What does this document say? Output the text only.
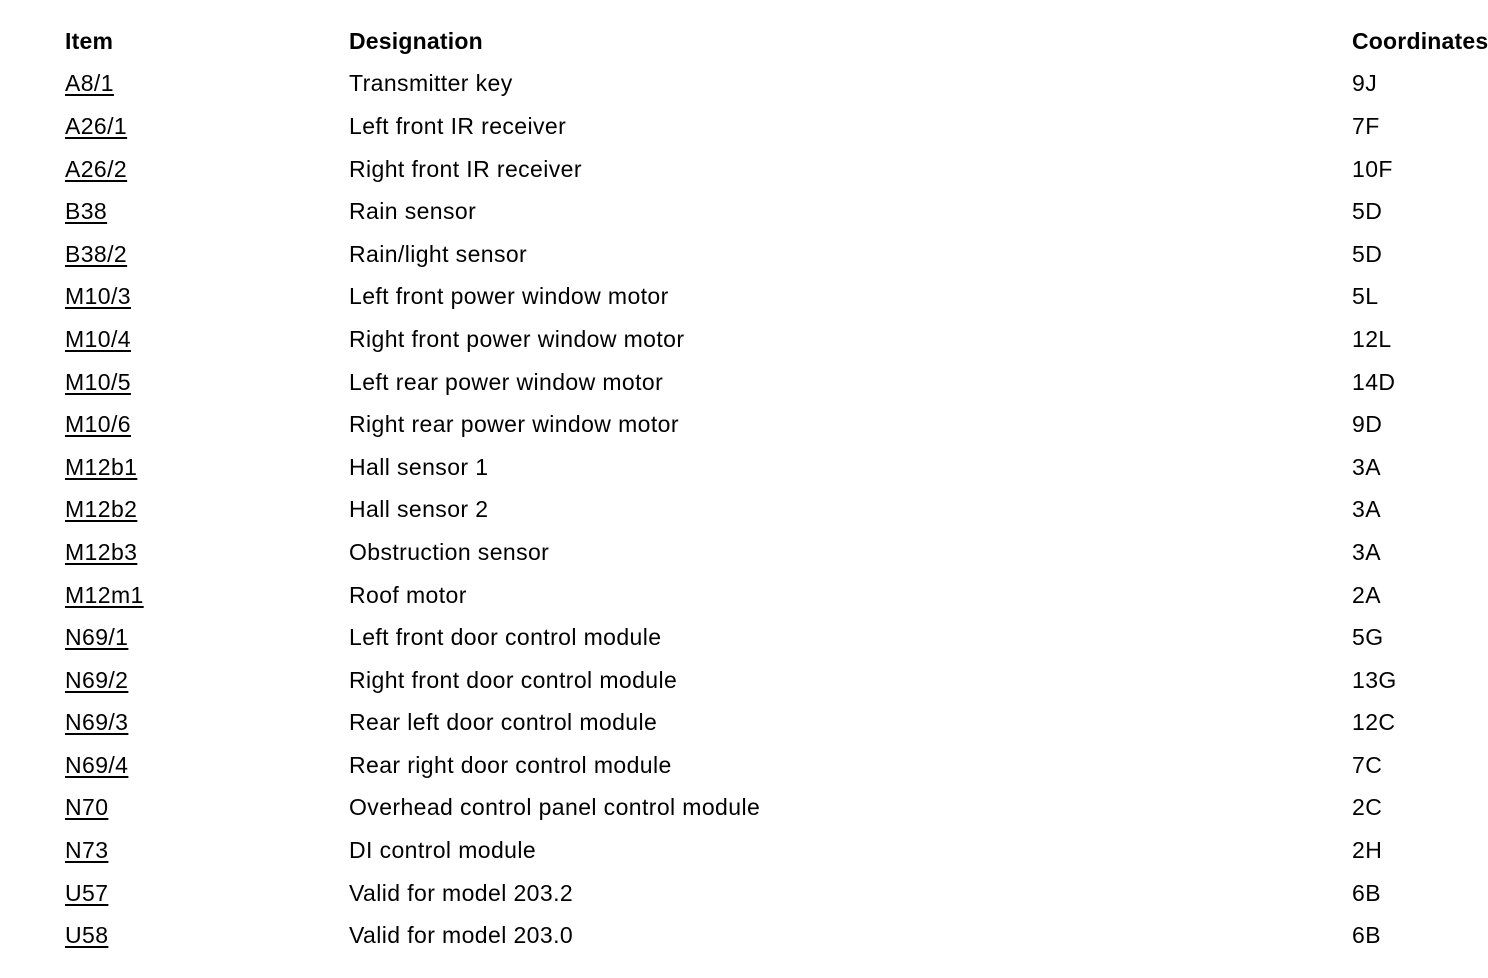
Item	Designation	Coordinates
A8/1	Transmitter key	9J
A26/1	Left front IR receiver	7F
A26/2	Right front IR receiver	10F
B38	Rain sensor	5D
B38/2	Rain/light sensor	5D
M10/3	Left front power window motor	5L
M10/4	Right front power window motor	12L
M10/5	Left rear power window motor	14D
M10/6	Right rear power window motor	9D
M12b1	Hall sensor 1	3A
M12b2	Hall sensor 2	3A
M12b3	Obstruction sensor	3A
M12m1	Roof motor	2A
N69/1	Left front door control module	5G
N69/2	Right front door control module	13G
N69/3	Rear left door control module	12C
N69/4	Rear right door control module	7C
N70	Overhead control panel control module	2C
N73	DI control module	2H
U57	Valid for model 203.2	6B
U58	Valid for model 203.0	6B
